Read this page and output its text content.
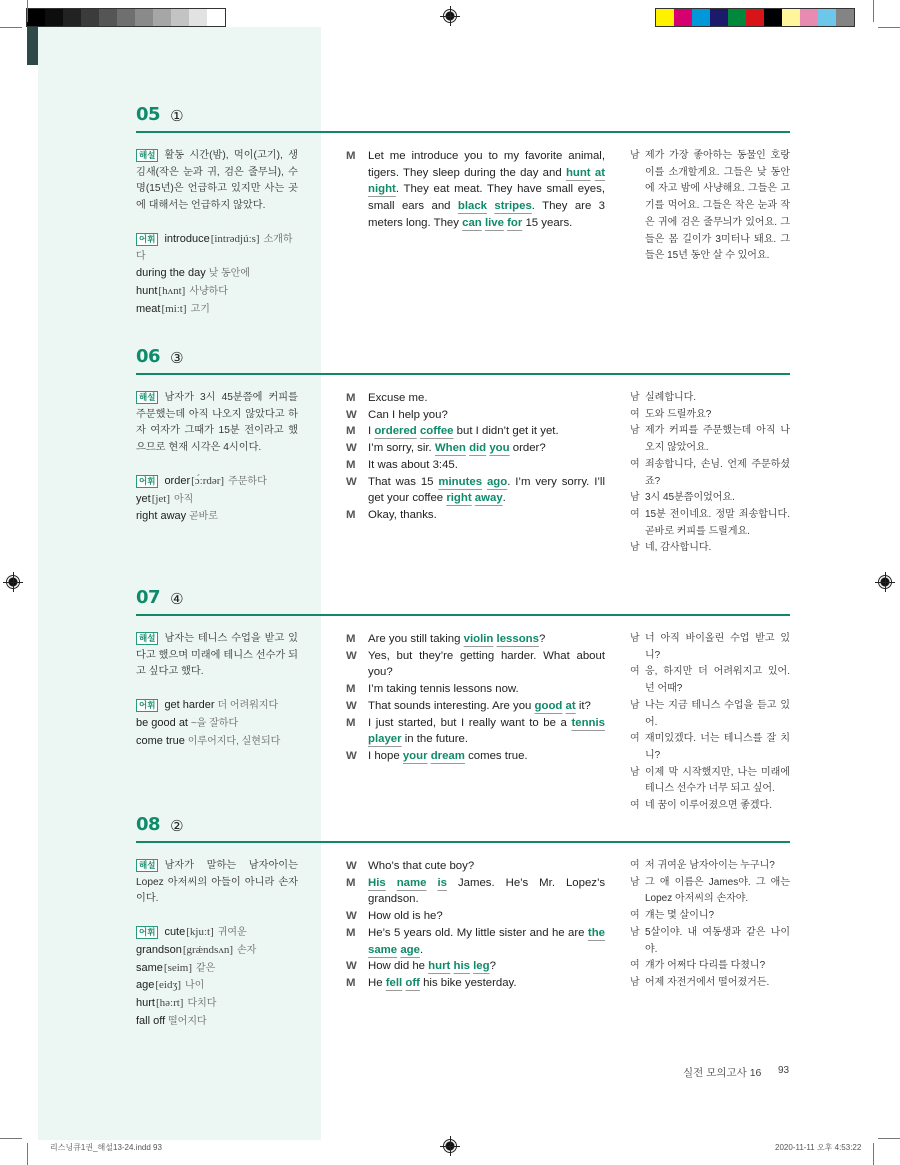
05 ①
해설 활동 시간(밤), 먹이(고기), 생김새(작은 눈과 귀, 검은 줄무늬), 수명(15년)은 언급하고 있지만 사는 곳에 대해서는 언급하지 않았다.
어휘 introduce[intrədjúːs] 소개하다
during the day 낮 동안에
hunt[hʌnt] 사냥하다
meat[miːt] 고기
M	Let me introduce you to my favorite animal, tigers. They sleep during the day and hunt at night. They eat meat. They have small eyes, small ears and black stripes. They are 3 meters long. They can live for 15 years.
남 제가 가장 좋아하는 동물인 호랑이를 소개할게요. 그들은 낮 동안에 자고 밤에 사냥해요. 그들은 고기를 먹어요. 그들은 작은 눈과 작은 귀에 검은 줄무늬가 있어요. 그들은 몸 길이가 3미터나 돼요. 그들은 15년 동안 살 수 있어요.
06 ③
해설 남자가 3시 45분쯤에 커피를 주문했는데 아직 나오지 않았다고 하자 여자가 그때가 15분 전이라고 했으므로 현재 시각은 4시이다.
어휘 order[ɔ́ːrdər] 주문하다
yet[jet] 아직
right away 곧바로
M	Excuse me.
W Can I help you?
M	I ordered coffee but I didn’t get it yet.
W I’m sorry, sir. When did you order?
M	It was about 3:45.
W That was 15 minutes ago. I’m very sorry. I’ll get your coffee right away.
M	Okay, thanks.
남 실례합니다.
여 도와 드릴까요?
남 제가 커피를 주문했는데 아직 나오지 않았어요.
여 죄송합니다, 손님. 언제 주문하셨죠?
남 3시 45분쯤이었어요.
여 15분 전이네요. 정말 죄송합니다. 곧바로 커피를 드릴게요.
남 네, 감사합니다.
07 ④
해설 남자는 테니스 수업을 받고 있다고 했으며 미래에 테니스 선수가 되고 싶다고 했다.
어휘 get harder 더 어려워지다
be good at ~을 잘하다
come true 이루어지다, 실현되다
M	Are you still taking violin lessons?
W Yes, but they’re getting harder. What about you?
M	I’m taking tennis lessons now.
W That sounds interesting. Are you good at it?
M	I just started, but I really want to be a tennis player in the future.
W I hope your dream comes true.
남 너 아직 바이올린 수업 받고 있니?
여 응, 하지만 더 어려워지고 있어. 넌 어때?
남 나는 지금 테니스 수업을 듣고 있어.
여 재미있겠다. 너는 테니스를 잘 치니?
남 이제 막 시작했지만, 나는 미래에 테니스 선수가 너무 되고 싶어.
여 네 꿈이 이루어졌으면 좋겠다.
08 ②
해설 남자가 말하는 남자아이는 Lopez 아저씨의 아들이 아니라 손자이다.
어휘 cute[kjuːt] 귀여운
grandson[grǽndsʌn] 손자
same[seim] 같은
age[eidʒ] 나이
hurt[həːrt] 다치다
fall off 떨어지다
W Who’s that cute boy?
M	His name is James. He’s Mr. Lopez’s grandson.
W How old is he?
M	He’s 5 years old. My little sister and he are the same age.
W How did he hurt his leg?
M	He fell off his bike yesterday.
여 저 귀여운 남자아이는 누구니?
남 그 애 이름은 James야. 그 애는 Lopez 아저씨의 손자야.
여 걔는 몇 살이니?
남 5살이야. 내 여동생과 같은 나이야.
여 걔가 어쩌다 다리를 다쳤니?
남 어제 자전거에서 떨어졌거든.
실전 모의고사 16 93
리스닝큐1권_해설13-24.indd 93	2020-11-11 오후 4:53:22
